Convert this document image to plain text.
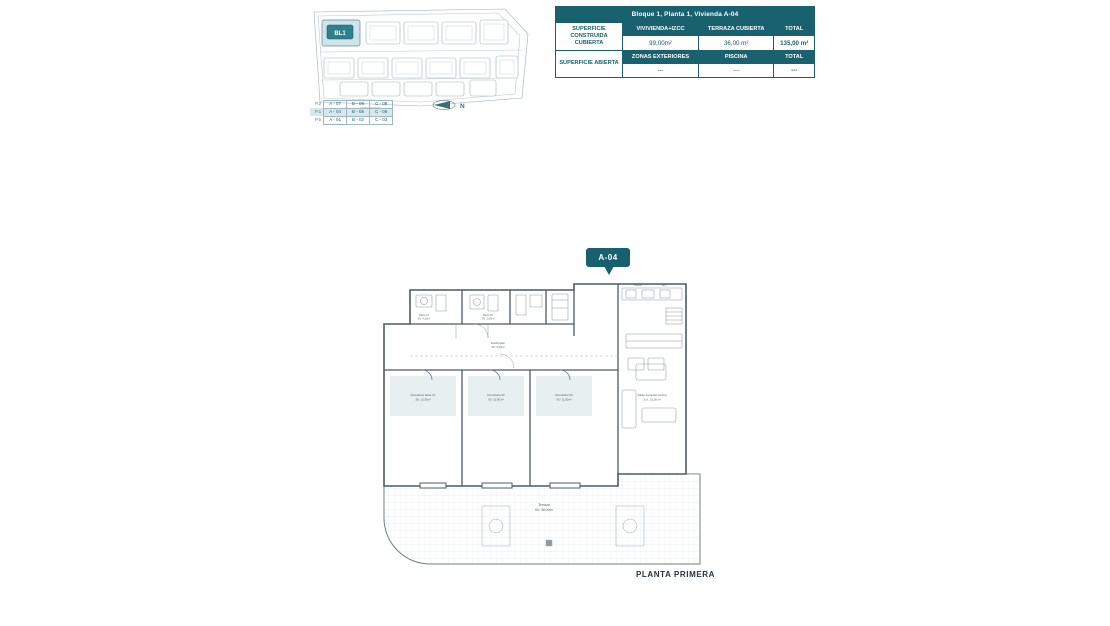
BL1
P.2	A - 07	B - 08	C - 09
P.1	A - 04	B - 05	C - 06
P.b	A - 01	B - 02	C - 03
N
Bloque 1, Planta 1, Vivienda A-04			
SUPERFICIE CONSTRUIDA CUBIERTA	VIVIVIENDA+IZCC	TERRAZA CUBIERTA	TOTAL
	99,00m²	36,00 m²	135,00 m²
SUPERFICIE ABIERTA	ZONAS EXTERIORES	PISCINA	TOTAL
	---	---	---
A-04
Terraza
SU: 36,00m²
Baño 01
SU: 4,28m²
Baño 02
SU: 3,65m²
Distribuidor
SU: 5,09m²
Dormitorio Suite 01
SU: 13,33m²
Dormitorio 02
SU: 10,06 m²
Dormitorio 03
SU: 11,00m²
Salón-comedor-cocina
S.U.: 31,26 m²
cocina	arm.
PLANTA PRIMERA
